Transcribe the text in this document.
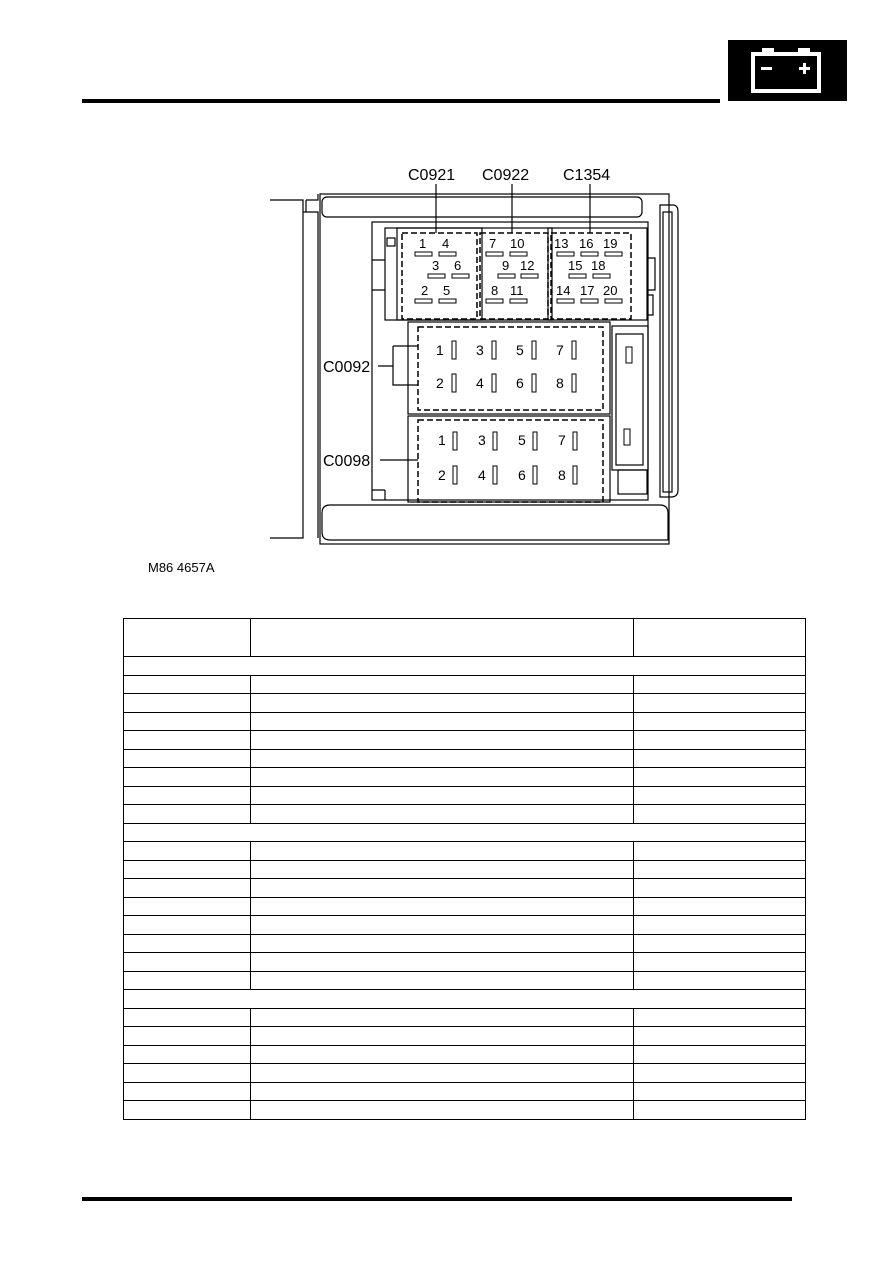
C0921 C0922 C1354
C0092
C0098
1 4
3 6
2 5
7 10
9 12
8 11
13 16 19
15 18
14 17 20
1 3 5 7
2 4 6 8
1 3 5 7
2 4 6 8
M86 4657A
